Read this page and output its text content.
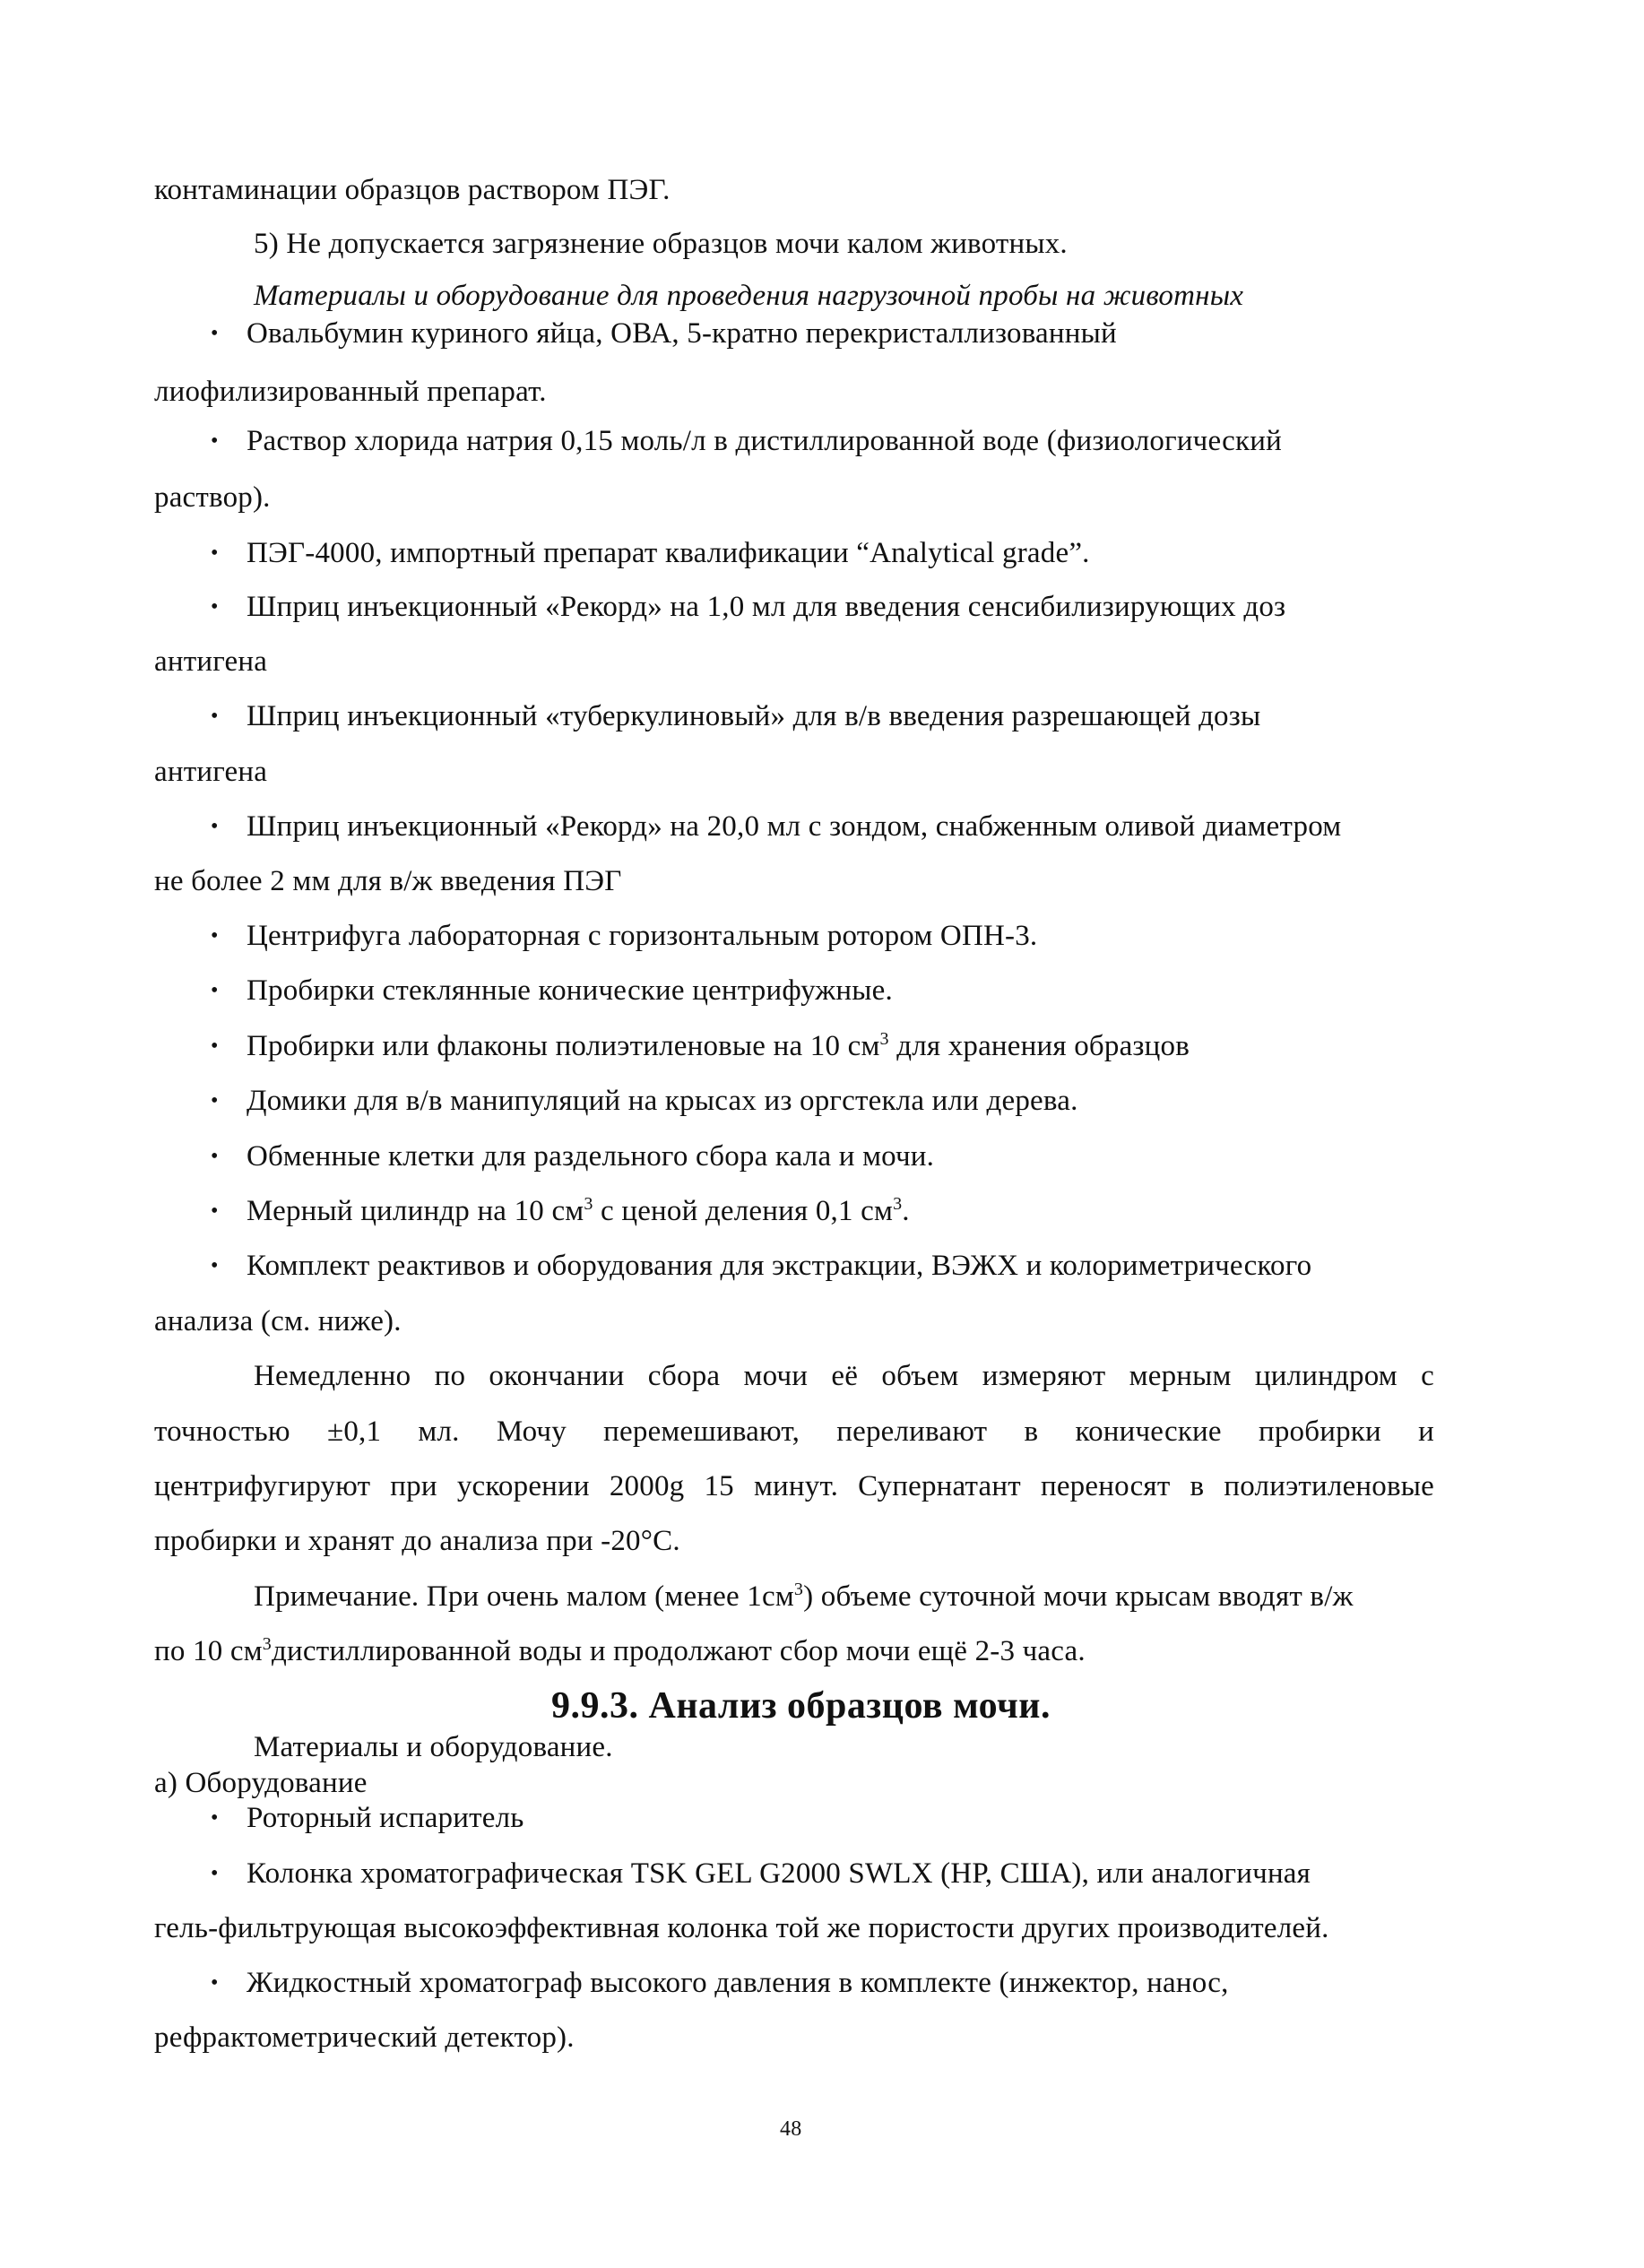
контаминации образцов раствором ПЭГ.
5) Не допускается загрязнение образцов мочи калом животных.
Материалы и оборудование для проведения нагрузочной пробы на животных
• Овальбумин куриного яйца, ОВА, 5-кратно перекристаллизованный
лиофилизированный препарат.
• Раствор хлорида натрия 0,15 моль/л в дистиллированной воде (физиологический
раствор).
• ПЭГ-4000, импортный препарат квалификации “Analytical grade”.
• Шприц инъекционный «Рекорд» на 1,0 мл для введения сенсибилизирующих доз
антигена
• Шприц инъекционный «туберкулиновый» для в/в введения разрешающей дозы
антигена
• Шприц инъекционный «Рекорд» на 20,0 мл с зондом, снабженным оливой диаметром
не более 2 мм для в/ж введения ПЭГ
• Центрифуга лабораторная с горизонтальным ротором ОПН-3.
• Пробирки стеклянные конические центрифужные.
• Пробирки или флаконы полиэтиленовые на 10 $см^3$ для хранения образцов
• Домики для в/в манипуляций на крысах из оргстекла или дерева.
• Обменные клетки для раздельного сбора кала и мочи.
• Мерный цилиндр на 10 $см^3$ с ценой деления 0,1 $см^3$.
• Комплект реактивов и оборудования для экстракции, ВЭЖХ и колориметрического
анализа (см. ниже).
Немедленно по окончании сбора мочи её объем измеряют мерным цилиндром с
точностью ±0,1 мл. Мочу перемешивают, переливают в конические пробирки и
центрифугируют при ускорении 2000g 15 минут. Супернатант переносят в полиэтиленовые
пробирки и хранят до анализа при -20°С.
Примечание. При очень малом (менее $1см^3$) объеме суточной мочи крысам вводят в/ж
по 10 $см^3дистиллированной$ воды и продолжают сбор мочи ещё 2-3 часа.
9.9.3. Анализ образцов мочи.
Материалы и оборудование.
а) Оборудование
• Роторный испаритель
• Колонка хроматографическая TSK GEL G2000 SWLX (НР, США), или аналогичная
гель-фильтрующая высокоэффективная колонка той же пористости других производителей.
• Жидкостный хроматограф высокого давления в комплекте (инжектор, нанос,
рефрактометрический детектор).
48
